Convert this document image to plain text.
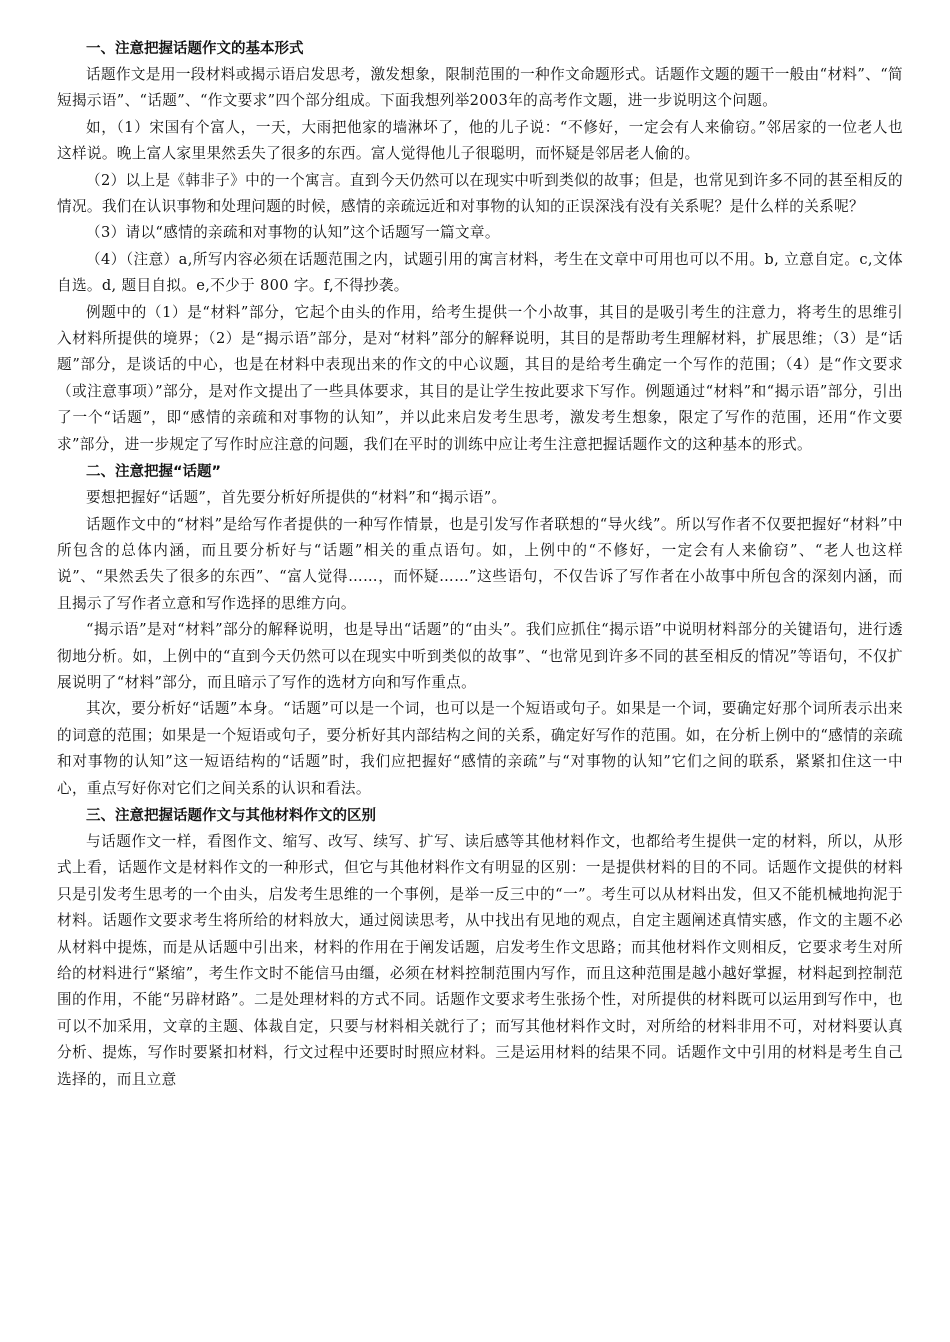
一、注意把握话题作文的基本形式

话题作文是用一段材料或揭示语启发思考，激发想象，限制范围的一种作文命题形式。话题作文题的题干一般由“材料”、“简短揭示语”、“话题”、“作文要求”四个部分组成。下面我想列举2003年的高考作文题，进一步说明这个问题。

如，（1）宋国有个富人，一天，大雨把他家的墙淋坏了，他的儿子说：“不修好，一定会有人来偷窃。”邻居家的一位老人也这样说。晚上富人家里果然丢失了很多的东西。富人觉得他儿子很聪明，而怀疑是邻居老人偷的。

（2）以上是《韩非子》中的一个寓言。直到今天仍然可以在现实中听到类似的故事；但是，也常见到许多不同的甚至相反的情况。我们在认识事物和处理问题的时候，感情的亲疏远近和对事物的认知的正误深浅有没有关系呢？是什么样的关系呢？

（3）请以“感情的亲疏和对事物的认知”这个话题写一篇文章。

（4）（注意）a,所写内容必须在话题范围之内，试题引用的寓言材料，考生在文章中可用也可以不用。b, 立意自定。c,文体自选。d, 题目自拟。e,不少于 800 字。f,不得抄袭。

例题中的（1）是“材料”部分，它起个由头的作用，给考生提供一个小故事，其目的是吸引考生的注意力，将考生的思维引入材料所提供的境界；（2）是“揭示语”部分，是对“材料”部分的解释说明，其目的是帮助考生理解材料，扩展思维；（3）是“话题”部分，是谈话的中心，也是在材料中表现出来的作文的中心议题，其目的是给考生确定一个写作的范围；（4）是“作文要求（或注意事项）”部分，是对作文提出了一些具体要求，其目的是让学生按此要求下写作。例题通过“材料”和“揭示语”部分，引出了一个“话题”，即“感情的亲疏和对事物的认知”，并以此来启发考生思考，激发考生想象，限定了写作的范围，还用“作文要求”部分，进一步规定了写作时应注意的问题，我们在平时的训练中应让考生注意把握话题作文的这种基本的形式。

二、注意把握“话题”

要想把握好“话题”，首先要分析好所提供的“材料”和“揭示语”。

话题作文中的“材料”是给写作者提供的一种写作情景，也是引发写作者联想的“导火线”。所以写作者不仅要把握好“材料”中所包含的总体内涵，而且要分析好与“话题”相关的重点语句。如，上例中的“不修好，一定会有人来偷窃”、“老人也这样说”、“果然丢失了很多的东西”、“富人觉得……，而怀疑……”这些语句，不仅告诉了写作者在小故事中所包含的深刻内涵，而且揭示了写作者立意和写作选择的思维方向。

“揭示语”是对“材料”部分的解释说明，也是导出“话题”的“由头”。我们应抓住“揭示语”中说明材料部分的关键语句，进行透彻地分析。如，上例中的“直到今天仍然可以在现实中听到类似的故事”、“也常见到许多不同的甚至相反的情况”等语句，不仅扩展说明了“材料”部分，而且暗示了写作的选材方向和写作重点。

其次，要分析好“话题”本身。“话题”可以是一个词，也可以是一个短语或句子。如果是一个词，要确定好那个词所表示出来的词意的范围；如果是一个短语或句子，要分析好其内部结构之间的关系，确定好写作的范围。如，在分析上例中的“感情的亲疏和对事物的认知”这一短语结构的“话题”时，我们应把握好“感情的亲疏”与“对事物的认知”它们之间的联系，紧紧扣住这一中心，重点写好你对它们之间关系的认识和看法。

三、注意把握话题作文与其他材料作文的区别

与话题作文一样，看图作文、缩写、改写、续写、扩写、读后感等其他材料作文，也都给考生提供一定的材料，所以，从形式上看，话题作文是材料作文的一种形式，但它与其他材料作文有明显的区别：一是提供材料的目的不同。话题作文提供的材料只是引发考生思考的一个由头，启发考生思维的一个事例，是举一反三中的“一”。考生可以从材料出发，但又不能机械地拘泥于材料。话题作文要求考生将所给的材料放大，通过阅读思考，从中找出有见地的观点，自定主题阐述真情实感，作文的主题不必从材料中提炼，而是从话题中引出来，材料的作用在于阐发话题，启发考生作文思路；而其他材料作文则相反，它要求考生对所给的材料进行“紧缩”，考生作文时不能信马由缰，必须在材料控制范围内写作，而且这种范围是越小越好掌握，材料起到控制范围的作用，不能“另辟材路”。二是处理材料的方式不同。话题作文要求考生张扬个性，对所提供的材料既可以运用到写作中，也可以不加采用，文章的主题、体裁自定，只要与材料相关就行了；而写其他材料作文时，对所给的材料非用不可，对材料要认真分析、提炼，写作时要紧扣材料，行文过程中还要时时照应材料。三是运用材料的结果不同。话题作文中引用的材料是考生自己选择的，而且立意
